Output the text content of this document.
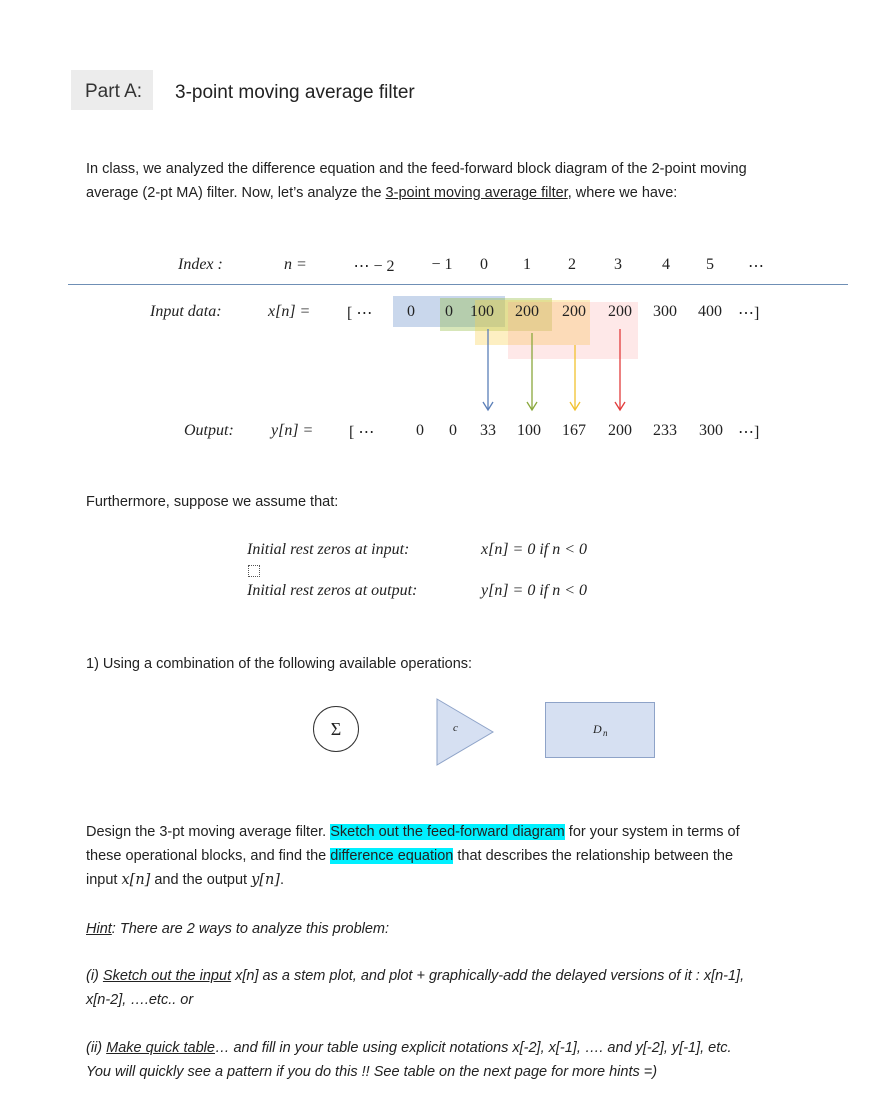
Part A: 3-point moving average filter
In class, we analyzed the difference equation and the feed-forward block diagram of the 2-point moving
average (2-pt MA) filter. Now, let’s analyze the 3-point moving average filter, where we have:
Index :	n =	⋯ − 2	− 1	0	1	2	3	4	5	⋯
Input data:	x[n] = [ ⋯	0	0	100	200	200	200	300	400	⋯]
Output: y[n] = [ ⋯	0	0	33	100	167	200	233	300 ⋯]
Furthermore, suppose we assume that:
Initial rest zeros at input:	x[n] = 0 if n < 0
Initial rest zeros at output:	y[n] = 0 if n < 0
1) Using a combination of the following available operations:
Σ	c	D n
Design the 3-pt moving average filter. Sketch out the feed-forward diagram for your system in terms of
these operational blocks, and find the difference equation that describes the relationship between the
input x[n] and the output y[n].
Hint: There are 2 ways to analyze this problem:
(i) Sketch out the input x[n] as a stem plot, and plot + graphically-add the delayed versions of it : x[n-1],
x[n-2], ….etc.. or
(ii) Make quick table… and fill in your table using explicit notations x[-2], x[-1], …. and y[-2], y[-1], etc.
You will quickly see a pattern if you do this !! See table on the next page for more hints =)
